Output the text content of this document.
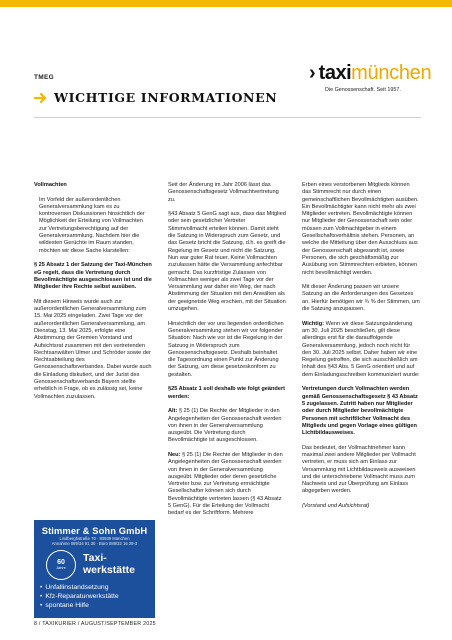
TMEG
WICHTIGE INFORMATIONEN
› taxi münchen
Die Genossenschaft. Seit 1957.

Vollmachten

Im Vorfeld der außerordentlichen Generalversammlung kam es zu kontroversen Diskussionen hinsichtlich der Möglichkeit der Erteilung von Vollmachten zur Vertretungsberechtigung auf der Generalversammlung. Nachdem hier die wildesten Gerüchte im Raum standen, möchten wir diese Sache klarstellen:

§ 25 Absatz 1 der Satzung der Taxi-München eG regelt, dass die Vertretung durch Bevollmächtigte ausgeschlossen ist und die Mitglieder ihre Rechte selbst ausüben.

Mit diesem Hinweis wurde auch zur außerordentlichen Generalversammlung zum 15. Mai 2025 eingeladen. Zwei Tage vor der außerordentlichen Generalversammlung, am Dienstag, 13. Mai 2025, erfolgte eine Abstimmung der Gremien Vorstand und Aufsichtsrat zusammen mit den vertretenden Rechtsanwälten Ulmer und Schröder sowie der Rechtsabteilung des Genossenschaftsverbandes. Dabei wurde auch die Einladung diskutiert, und der Jurist des Genossenschaftsverbands Bayern stellte erheblich in Frage, ob es zulässig sei, keine Vollmachten zuzulassen.

Seit der Änderung im Jahr 2006 lässt das Genossenschaftsgesetz Vollmachtvertretung zu.

§43 Absatz 5 GenG sagt aus, dass das Mitglied oder sein gesetzlicher Vertreter Stimmvollmacht erteilen können. Damit steht die Satzung in Widerspruch zum Gesetz, und das Gesetz bricht die Satzung, d.h. es greift die Regelung im Gesetz und nicht die Satzung. Nun war guter Rat teuer. Keine Vollmachten zuzulassen hätte die Versammlung anfechtbar gemacht. Das kurzfristige Zulassen von Vollmachten weniger als zwei Tage vor der Versammlung war daher ein Weg, der nach Abstimmung der Situation mit den Anwälten als der geeignetste Weg erschien, mit der Situation umzugehen.

Hinsichtlich der vor uns liegenden ordentlichen Generalversammlung stehen wir vor folgender Situation: Nach wie vor ist die Regelung in der Satzung in Widerspruch zum Genossenschaftsgesetz. Deshalb beinhaltet die Tagesordnung einen Punkt zur Änderung der Satzung, um diese gesetzeskonform zu gestalten.

§25 Absatz 1 soll deshalb wie folgt geändert werden:

Alt: § 25 (1) Die Rechte der Mitglieder in den Angelegenheiten der Genossenschaft werden von ihnen in der Generalversammlung ausgeübt. Die Vertretung durch Bevollmächtigte ist ausgeschlossen.

Neu: § 25 (1) Die Rechte der Mitglieder in den Angelegenheiten der Genossenschaft werden von ihnen in der Generalversammlung ausgeübt. Mitglieder oder deren gesetzliche Vertreter bzw. zur Vertretung ermächtigte Gesellschafter können sich durch Bevollmächtigte vertreten lassen (§ 43 Absatz 5 GenG). Für die Erteilung der Vollmacht bedarf es der Schriftform. Mehrere

Erben eines verstorbenen Mitglieds können das Stimmrecht nur durch einen gemeinschaftlichen Bevollmächtigten ausüben. Ein Bevollmächtigter kann nicht mehr als zwei Mitglieder vertreten. Bevollmächtigte können nur Mitglieder der Genossenschaft sein oder müssen zum Vollmachtgeber in einem Gesellschaftsverhältnis stehen. Personen, an welche die Mitteilung über den Ausschluss aus der Genossenschaft abgesandt ist, sowie Personen, die sich geschäftsmäßig zur Ausübung von Stimmrechten erbieten, können nicht bevollmächtigt werden.

Mit dieser Änderung passen wir unsere Satzung an die Anforderungen des Gesetzes an. Hierfür benötigen wir ¾ % der Stimmen, um die Satzung anzupassen.

Wichtig: Wenn wir diese Satzungsänderung am 30. Juli 2025 beschließen, gilt diese allerdings erst für die darauffolgende Generalversammlung, jedoch noch nicht für den 30. Juli 2025 selbst. Daher haben wir eine Regelung getroffen, die sich ausschließlich am Inhalt des §43 Abs. 5 GenG orientiert und auf dem Einladungsschreiben kommuniziert wurde:

Vertretungen durch Vollmachten werden gemäß Genossenschaftsgesetz § 43 Absatz 5 zugelassen. Zutritt haben nur Mitglieder oder durch Mitglieder bevollmächtigte Personen mit schriftlicher Vollmacht des Mitglieds und gegen Vorlage eines gültigen Lichtbildausweises.

Das bedeutet, der Vollmachtnehmer kann maximal zwei andere Mitglieder per Vollmacht vertreten, er muss sich am Einlass zur Versammlung mit Lichtbildausweis ausweisen und die unterschriebene Vollmacht muss zum Nachweis und zur Überprüfung am Einlass abgegeben werden.

(Vorstand und Aufsichtsrat)

Stimmer & Sohn GmbH
Lindberghstraße 70 · 80939 München
Annahme 089/34 91 30 · Büro 089/32 16 29-3
60
Jahre
Taxi-
werkstätte
• Unfallinstandsetzung
• Kfz-Reparaturwerkstätte
• spontane Hilfe
8 / TAXIKURIER / AUGUST/SEPTEMBER 2025
